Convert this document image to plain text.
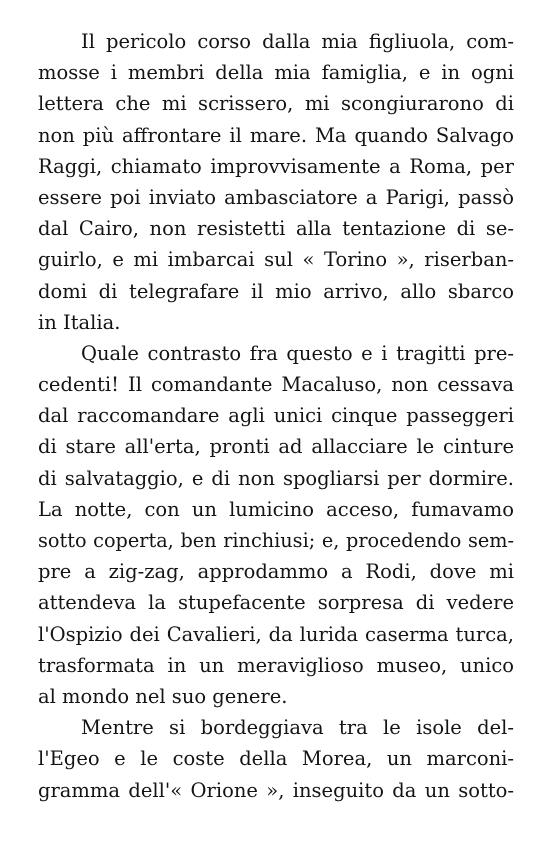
Il pericolo corso dalla mia figliuola, com-
mosse i membri della mia famiglia, e in ogni
lettera che mi scrissero, mi scongiurarono di
non più affrontare il mare. Ma quando Salvago
Raggi, chiamato improvvisamente a Roma, per
essere poi inviato ambasciatore a Parigi, passò
dal Cairo, non resistetti alla tentazione di se-
guirlo, e mi imbarcai sul « Torino », riserban-
domi di telegrafare il mio arrivo, allo sbarco
in Italia.
Quale contrasto fra questo e i tragitti pre-
cedenti! Il comandante Macaluso, non cessava
dal raccomandare agli unici cinque passeggeri
di stare all'erta, pronti ad allacciare le cinture
di salvataggio, e di non spogliarsi per dormire.
La notte, con un lumicino acceso, fumavamo
sotto coperta, ben rinchiusi; e, procedendo sem-
pre a zig-zag, approdammo a Rodi, dove mi
attendeva la stupefacente sorpresa di vedere
l'Ospizio dei Cavalieri, da lurida caserma turca,
trasformata in un meraviglioso museo, unico
al mondo nel suo genere.
Mentre si bordeggiava tra le isole del-
l'Egeo e le coste della Morea, un marconi-
gramma dell'« Orione », inseguito da un sotto-
